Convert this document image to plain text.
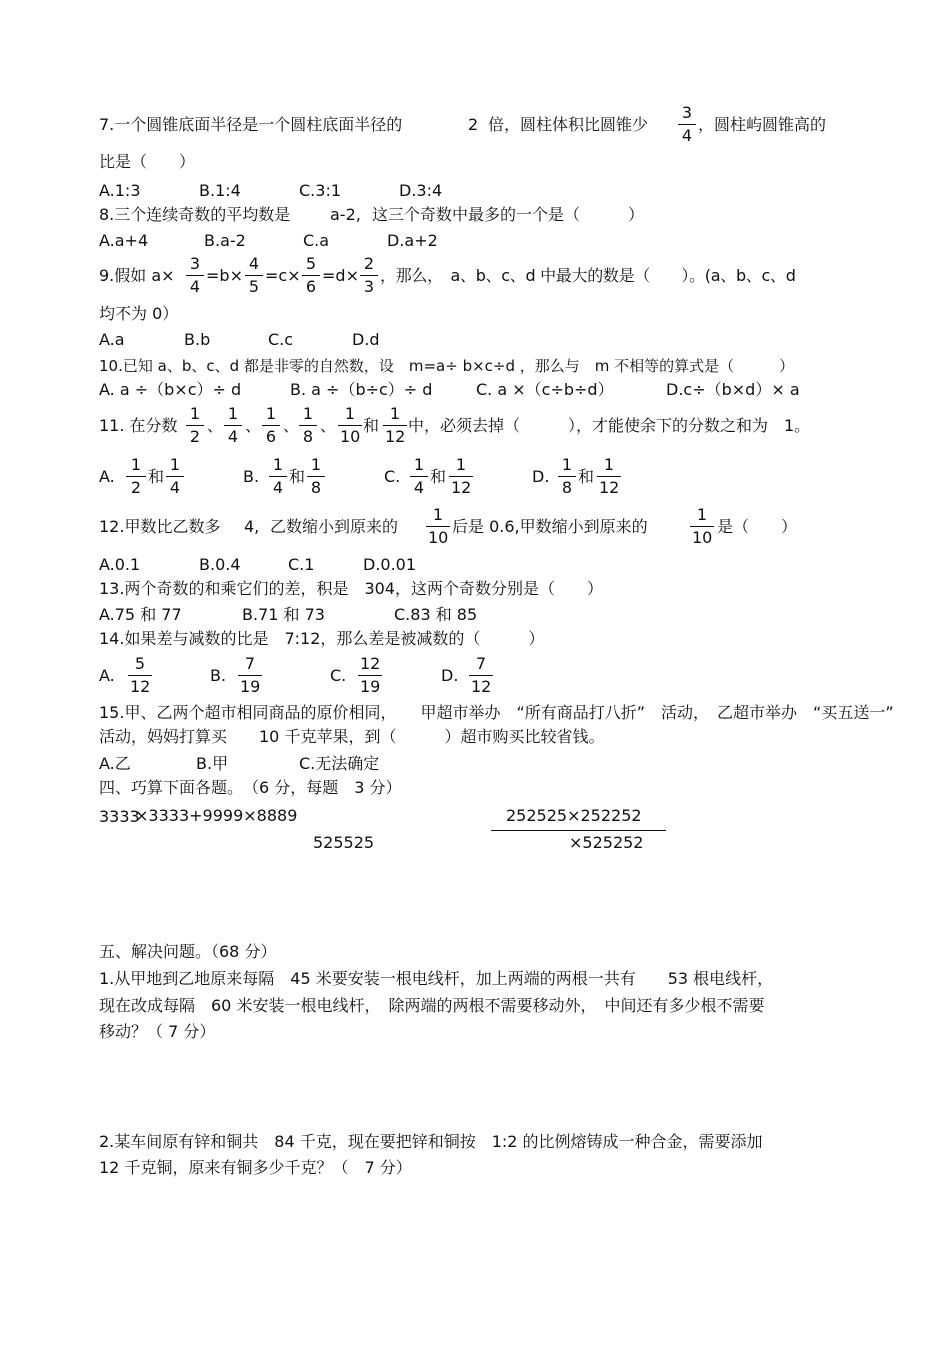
7.一个圆锥底面半径是一个圆柱底面半径的	2 倍，圆柱体积比圆锥少
3
4
，圆柱屿圆锥高的
比是（　　）
A.1:3	B.1:4	C.3:1	D.3:4
8.三个连续奇数的平均数是 a-2, 这三个奇数中最多的一个是（　　　）
A.a+4	B.a-2	C.a	D.a+2
9.假如 a×
3
4
=b×
4
5
=c×
5
6
=d×
2
3
，那么，　a、b、c、d 中最大的数是（　　）。(a、b、c、d
均不为 0）
A.a	B.b	C.c	D.d
10.已知 a、b、c、d 都是非零的自然数，设　m=a÷ b×c÷d ，那么与　m 不相等的算式是（　　　）
A. a ÷（b×c）÷ d	B. a ÷（b÷c）÷ d	C. a ×（c÷b÷d）	D.c÷（b×d）× a
11. 在分数
1
2
、
1
4
、
1
6
、
1
8
、
1
10
和
1
12
中，必须去掉（　　　），才能使余下的分数之和为　1。
A.
1
2
和
1
4
B.
1
4
和
1
8
C.
1
4
和
1
12
D.
1
8
和
1
12
12.甲数比乙数多 4, 乙数缩小到原来的
1
10
后是 0.6,甲数缩小到原来的
1
10
是（　　）
A.0.1	B.0.4	C.1	D.0.01
13.两个奇数的和乘它们的差，积是　304，这两个奇数分别是（　　）
A.75 和 77	B.71 和 73	C.83 和 85
14.如果差与减数的比是　7:12，那么差是被减数的（　　　）
A.
5
12
B.
7
19
C.
12
19
D.
7
12
15.甲、乙两个超市相同商品的原价相同，　　甲超市举办　“所有商品打八折”　活动，　乙超市举办　“买五送一”
活动，妈妈打算买　　10 千克苹果，到（　　　）超市购买比较省钱。
A.乙	B.甲	C.无法确定
四、巧算下面各题。　（6 分，每题　3 分）
3333
×3333+9999×8889	252525×252252
525525	×525252
五、解决问题。（68 分）
1.从甲地到乙地原来每隔　45 米要安装一根电线杆，加上两端的两根一共有　　53 根电线杆，
现在改成每隔　60 米安装一根电线杆，　除两端的两根不需要移动外，　中间还有多少根不需要
移动？（ 7 分）
2.某车间原有锌和铜共　84 千克，现在要把锌和铜按　1:2 的比例熔铸成一种合金，需要添加
12 千克铜，原来有铜多少千克？（　7 分）
